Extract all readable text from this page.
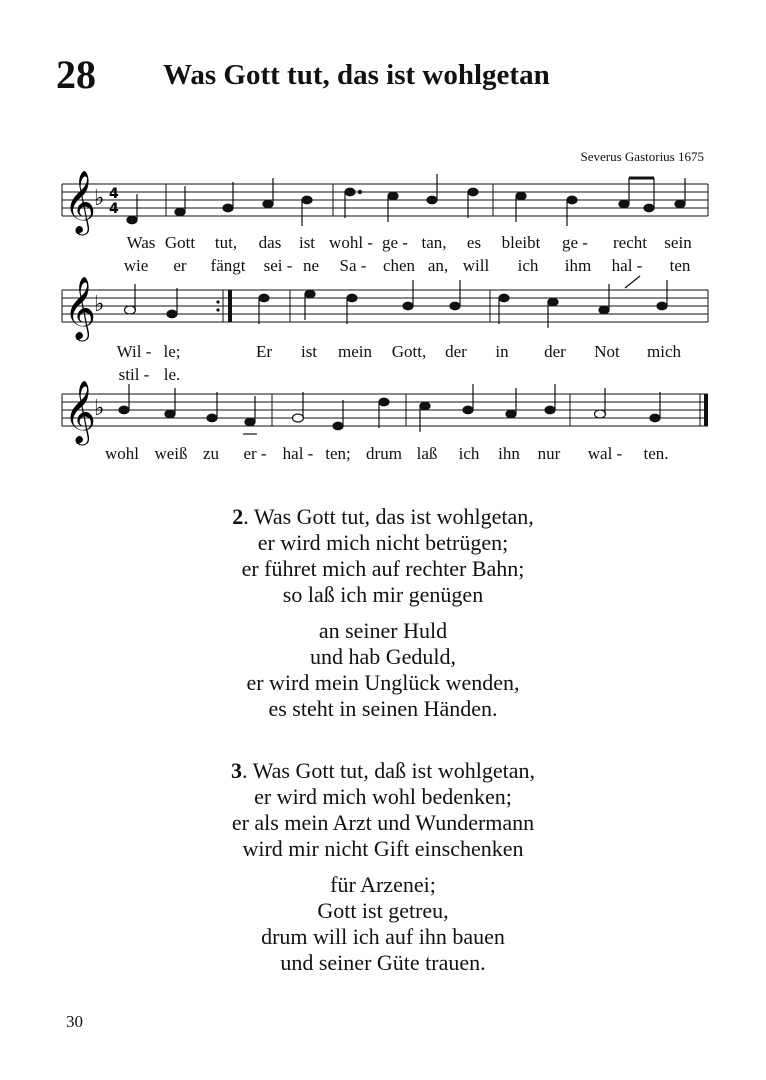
28 Was Gott tut, das ist wohlgetan
Severus Gastorius 1675
𝄞
♭ 4
4
Was Gott tut, das ist wohl - ge - tan, es bleibt ge - recht sein
wie er fängt sei - ne Sa - chen an, will ich ihm hal - ten
𝄞
♭
Wil - le;	Er ist mein Gott, der in der Not mich
stil - le.
𝄞
♭
wohl weiß zu er - hal - ten; drum laß ich ihn nur wal - ten.
2. Was Gott tut, das ist wohlgetan,
er wird mich nicht betrügen;
er führet mich auf rechter Bahn;
so laß ich mir genügen
an seiner Huld
und hab Geduld,
er wird mein Unglück wenden,
es steht in seinen Händen.
3. Was Gott tut, daß ist wohlgetan,
er wird mich wohl bedenken;
er als mein Arzt und Wundermann
wird mir nicht Gift einschenken
für Arzenei;
Gott ist getreu,
drum will ich auf ihn bauen
und seiner Güte trauen.
30
